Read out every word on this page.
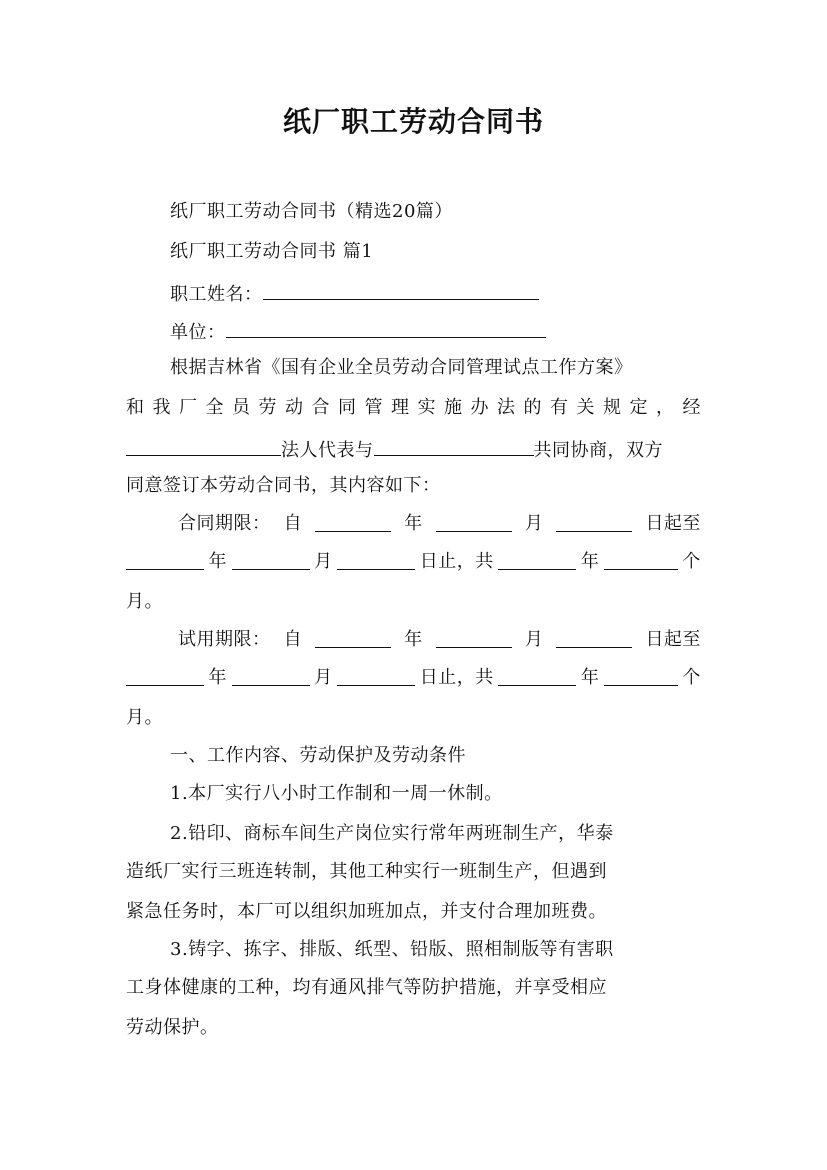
纸厂职工劳动合同书
纸厂职工劳动合同书（精选20篇）
纸厂职工劳动合同书 篇1
职工姓名：
单位：
根据吉林省《国有企业全员劳动合同管理试点工作方案》
和 我 厂 全 员 劳 动 合 同 管 理 实 施 办 法 的 有 关 规 定 ， 经
法人代表与	共同协商，双方
同意签订本劳动合同书，其内容如下：
合同期限： 自	年	月	日起至
年	月	日止，共	年	个
月。
试用期限： 自	年	月	日起至
年	月	日止，共	年	个
月。
一、工作内容、劳动保护及劳动条件
1.本厂实行八小时工作制和一周一休制。
2.铅印、商标车间生产岗位实行常年两班制生产，华泰
造纸厂实行三班连转制，其他工种实行一班制生产，但遇到
紧急任务时，本厂可以组织加班加点，并支付合理加班费。
3.铸字、拣字、排版、纸型、铅版、照相制版等有害职
工身体健康的工种，均有通风排气等防护措施，并享受相应
劳动保护。
